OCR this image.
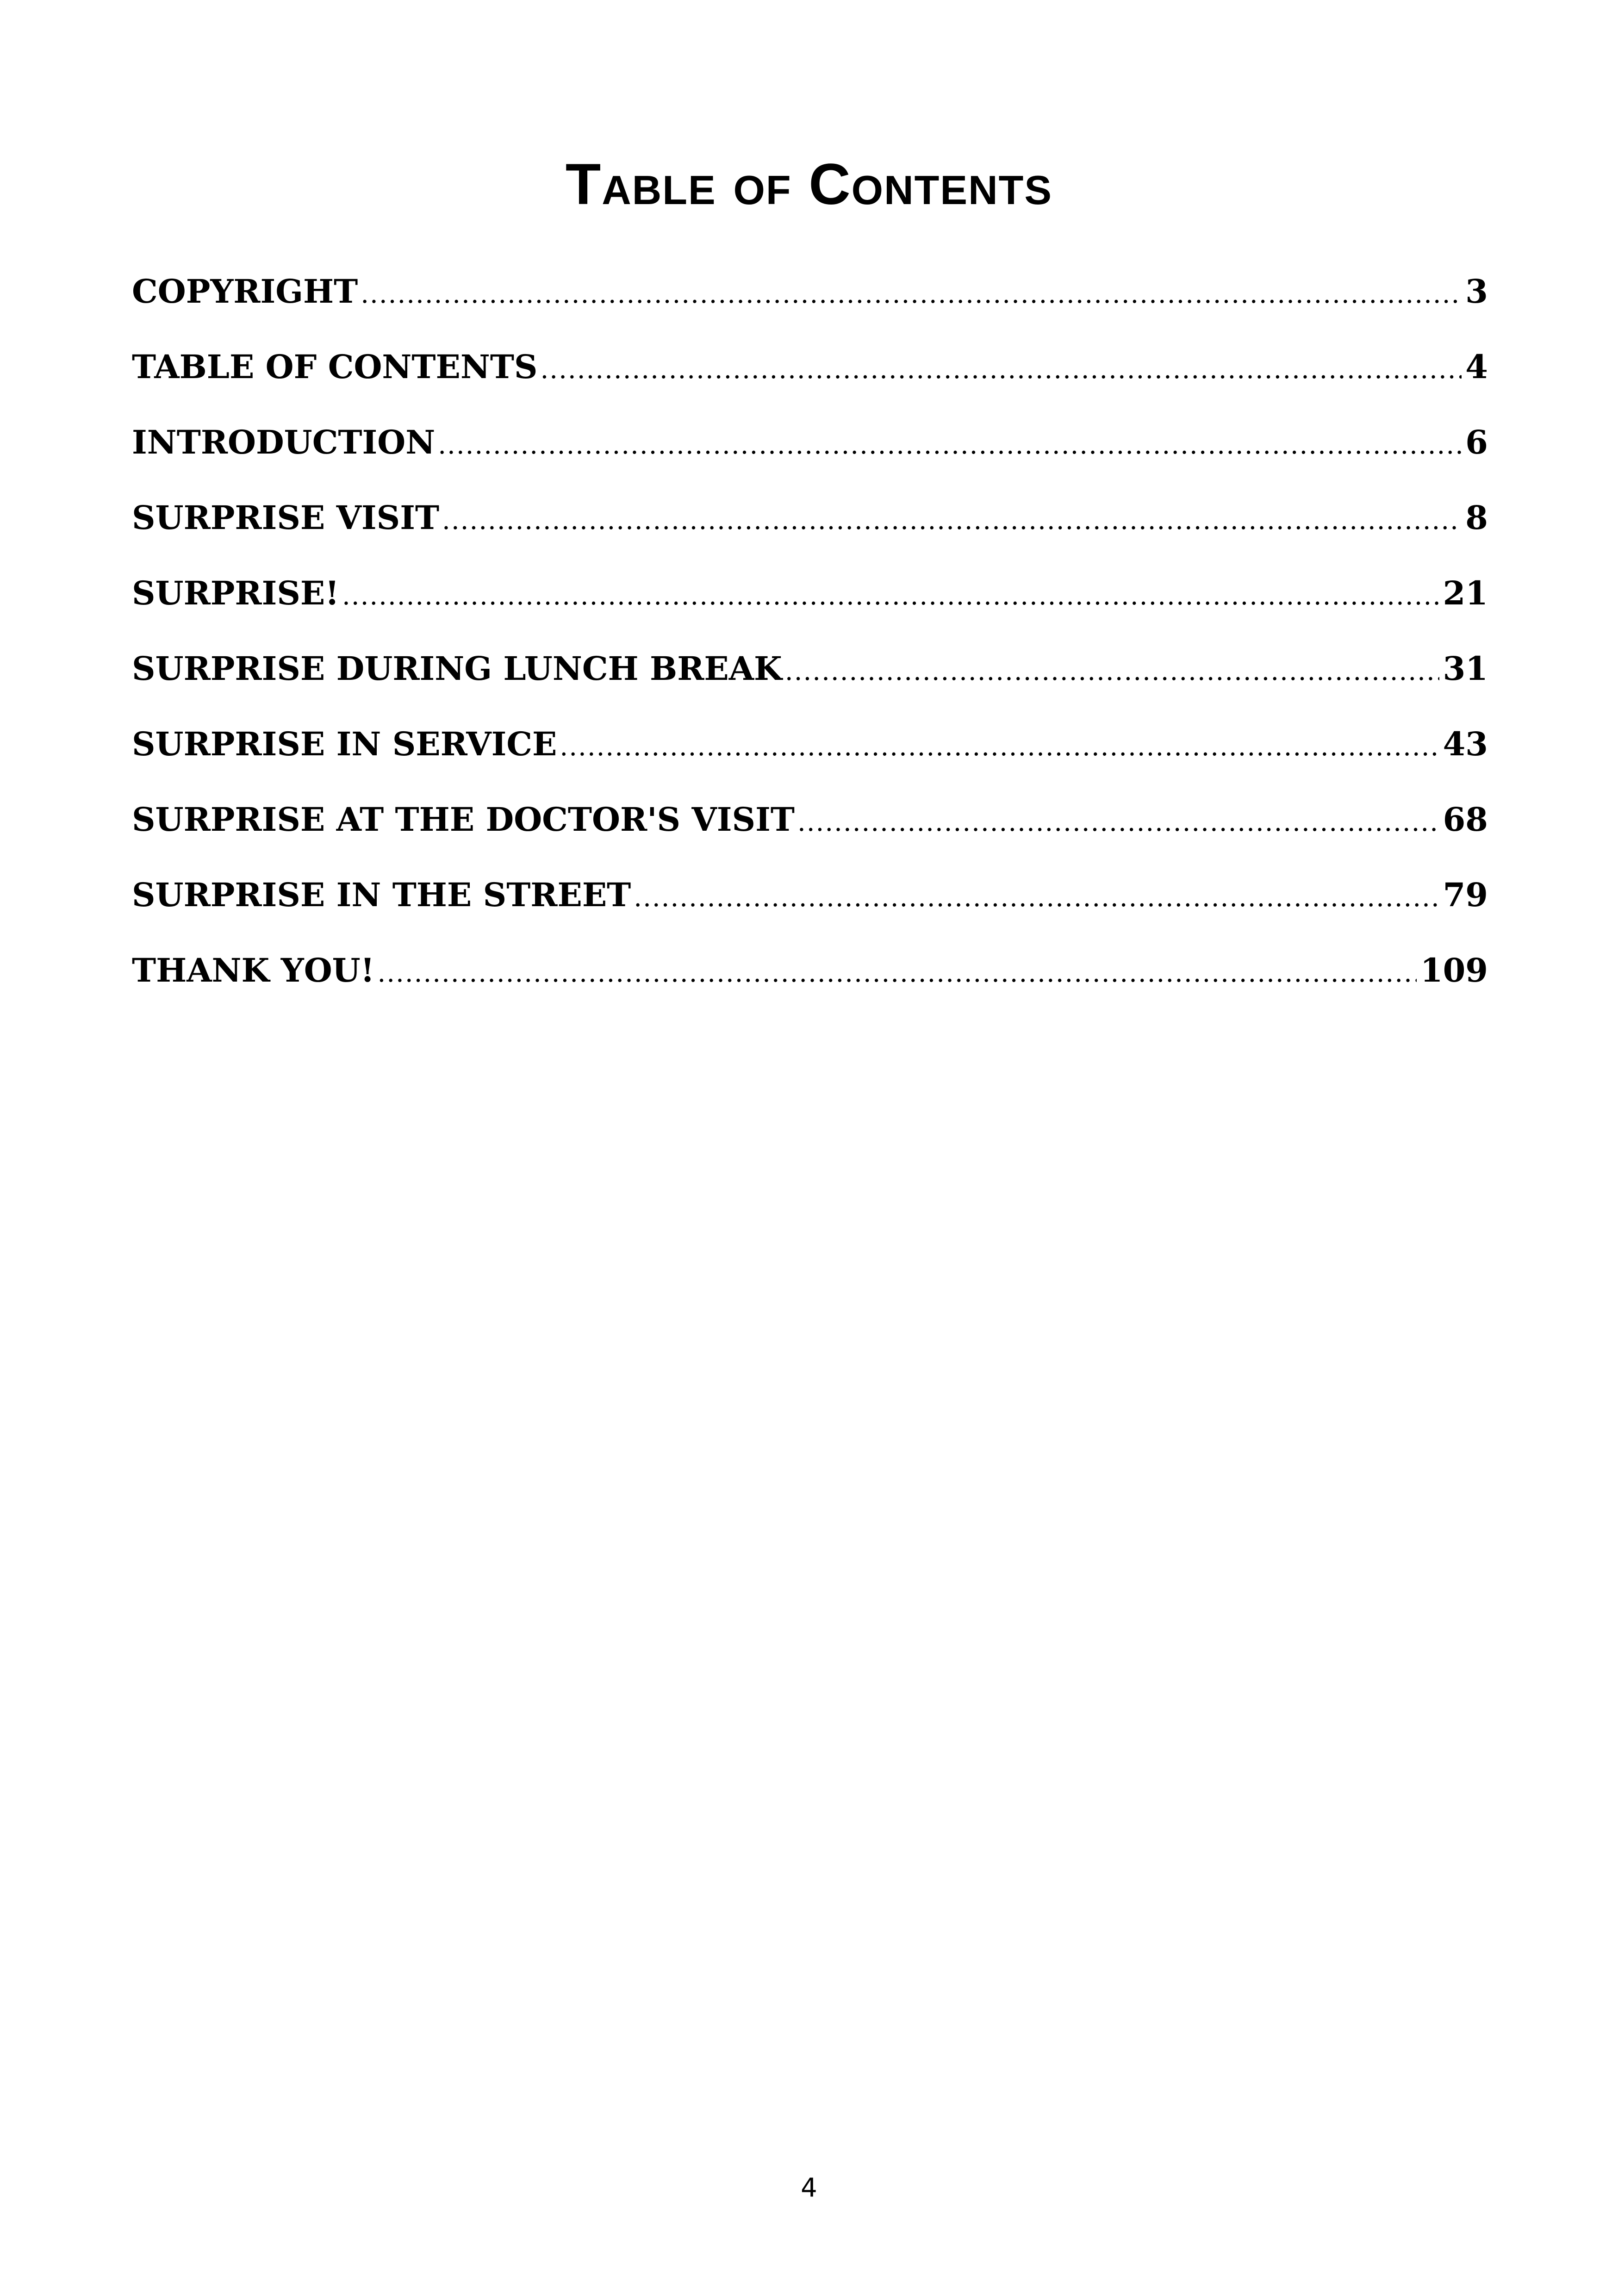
Table of Contents
COPYRIGHT .....	3
TABLE OF CONTENTS .....	4
INTRODUCTION .....	6
SURPRISE VISIT .....	8
SURPRISE! .....	21
SURPRISE DURING LUNCH BREAK .....	31
SURPRISE IN SERVICE .....	43
SURPRISE AT THE DOCTOR'S VISIT .....	68
SURPRISE IN THE STREET .....	79
THANK YOU! .....	109
4
